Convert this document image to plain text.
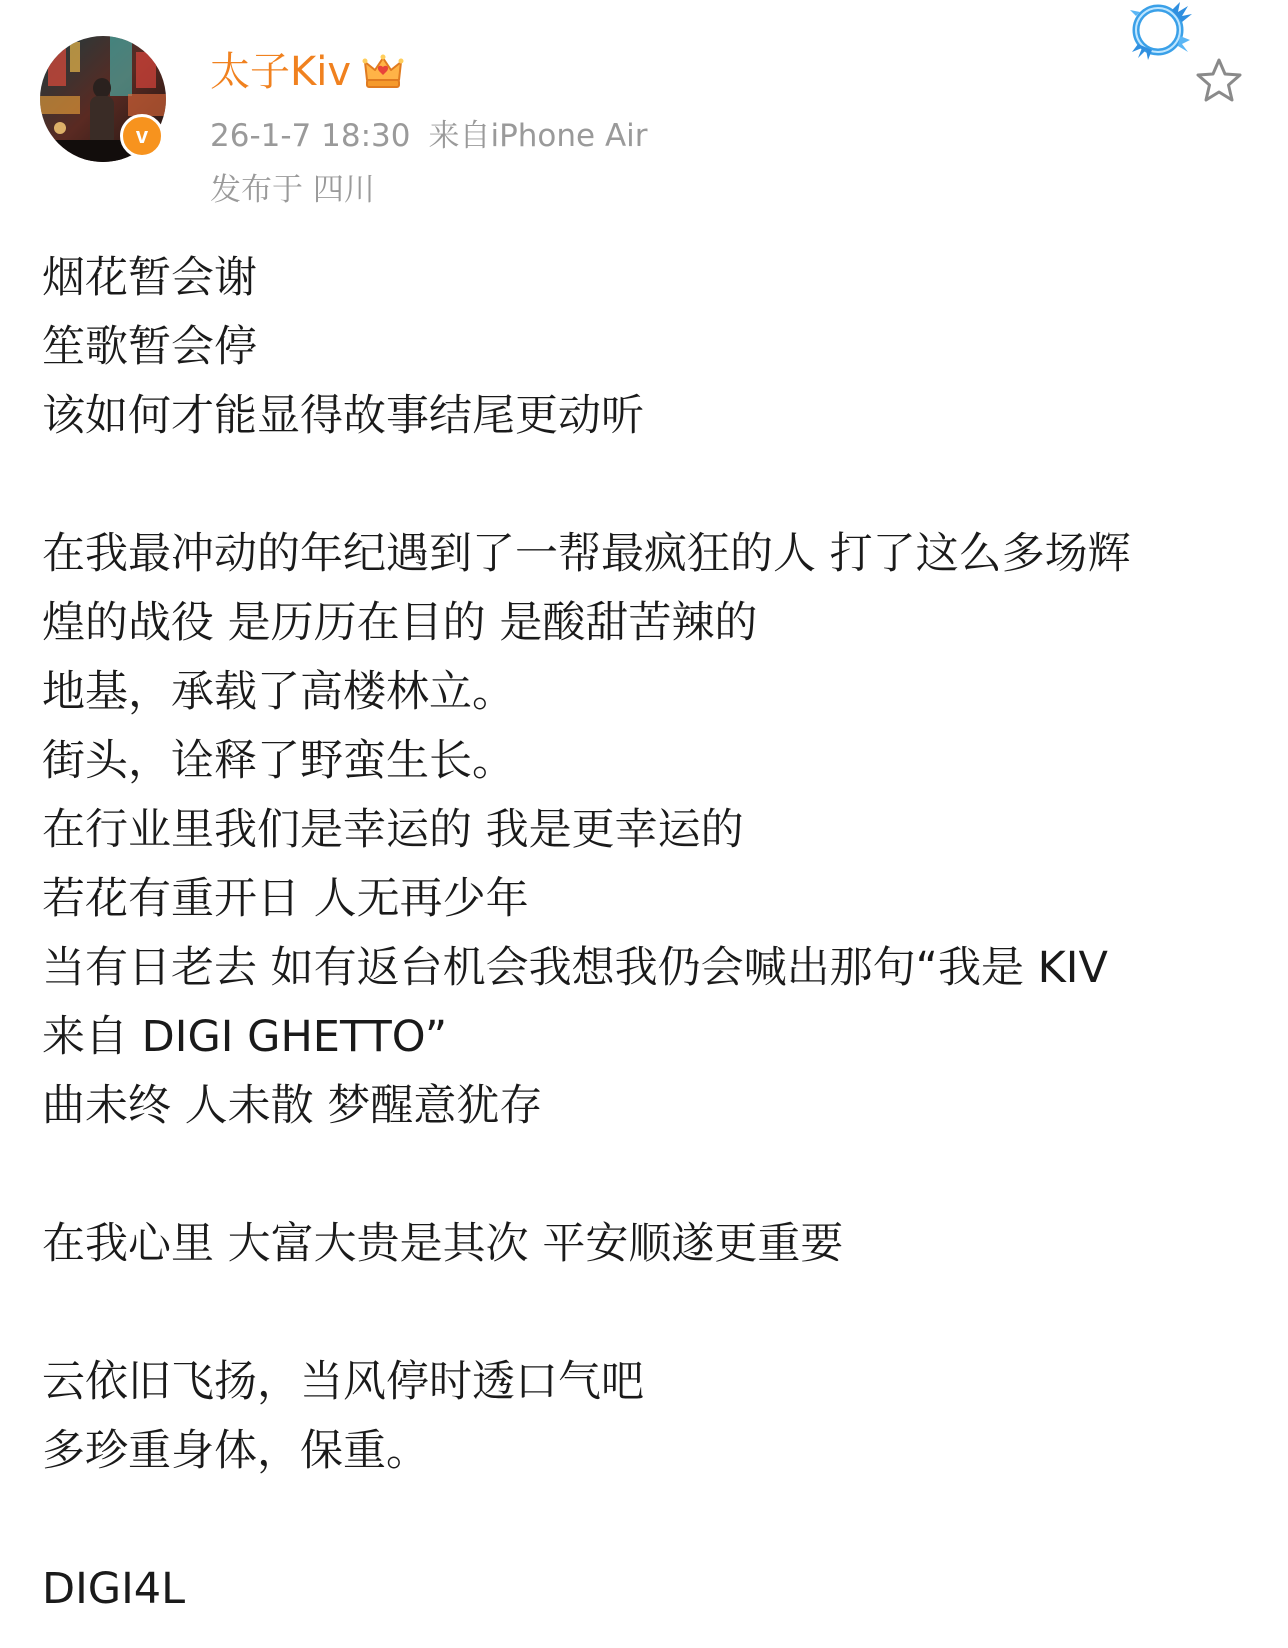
v
太子Kiv
26-1-7 18:30 来自iPhone Air
发布于 四川
烟花暂会谢
笙歌暂会停
该如何才能显得故事结尾更动听
在我最冲动的年纪遇到了一帮最疯狂的人 打了这么多场辉
煌的战役 是历历在目的 是酸甜苦辣的
地基，承载了高楼林立。
街头，诠释了野蛮生长。
在行业里我们是幸运的 我是更幸运的
若花有重开日 人无再少年
当有日老去 如有返台机会我想我仍会喊出那句“我是 KIV
来自 DIGI GHETTO”
曲未终 人未散 梦醒意犹存
在我心里 大富大贵是其次 平安顺遂更重要
云依旧飞扬，当风停时透口气吧
多珍重身体，保重。
DIGI4L
